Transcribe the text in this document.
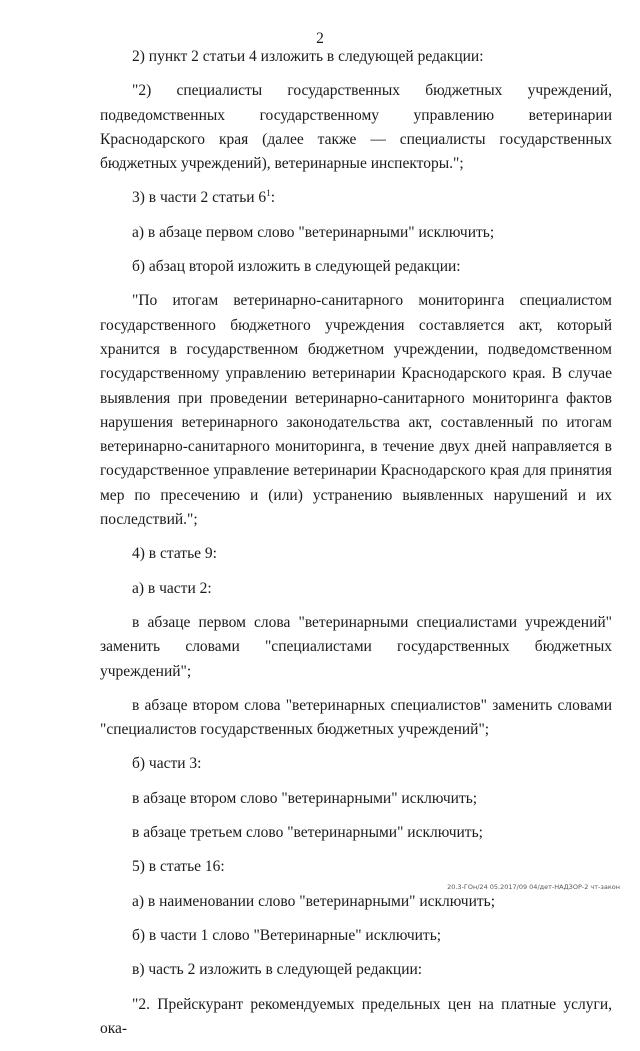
2

2) пункт 2 статьи 4 изложить в следующей редакции:

"2) специалисты государственных бюджетных учреждений, подведомственных государственному управлению ветеринарии Краснодарского края (далее также — специалисты государственных бюджетных учреждений), ветеринарные инспекторы.";

3) в части 2 статьи $6^1$:

а) в абзаце первом слово "ветеринарными" исключить;

б) абзац второй изложить в следующей редакции:

"По итогам ветеринарно-санитарного мониторинга специалистом государственного бюджетного учреждения составляется акт, который хранится в государственном бюджетном учреждении, подведомственном государственному управлению ветеринарии Краснодарского края. В случае выявления при проведении ветеринарно-санитарного мониторинга фактов нарушения ветеринарного законодательства акт, составленный по итогам ветеринарно-санитарного мониторинга, в течение двух дней направляется в государственное управление ветеринарии Краснодарского края для принятия мер по пресечению и (или) устранению выявленных нарушений и их последствий.";

4) в статье 9:

а) в части 2:

в абзаце первом слова "ветеринарными специалистами учреждений" заменить словами "специалистами государственных бюджетных учреждений";

в абзаце втором слова "ветеринарных специалистов" заменить словами "специалистов государственных бюджетных учреждений";

б) части 3:

в абзаце втором слово "ветеринарными" исключить;

в абзаце третьем слово "ветеринарными" исключить;

5) в статье 16:

а) в наименовании слово "ветеринарными" исключить;

б) в части 1 слово "Ветеринарные" исключить;

в) часть 2 изложить в следующей редакции:

"2. Прейскурант рекомендуемых предельных цен на платные услуги, ока-

20.3-ГОн/24 05.2017/09 04/дет-НАДЗОР-2 чт-закон
